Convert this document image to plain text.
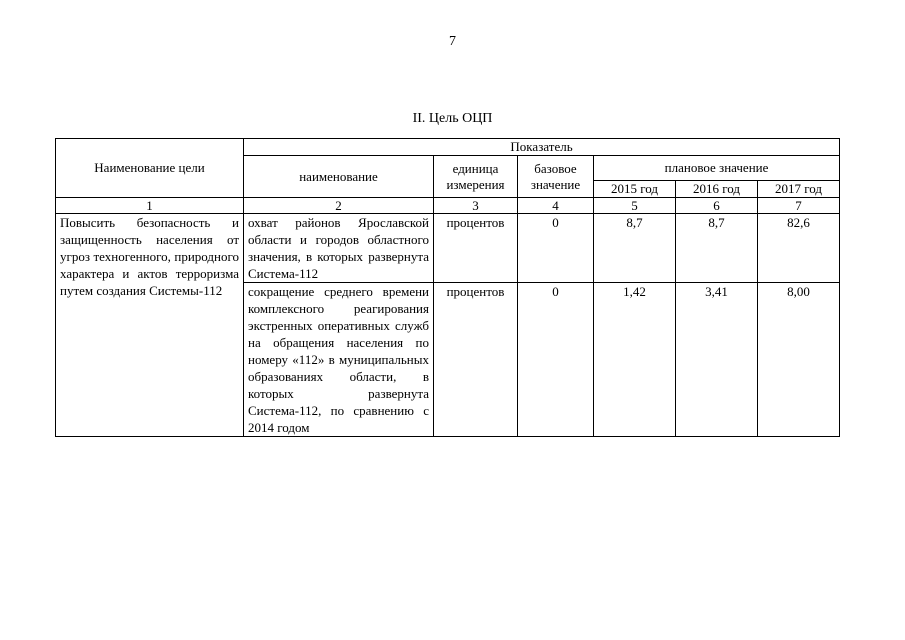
7
II. Цель ОЦП
Наименование цели	Показатель					
	наименование	единица измерения	базовое значение	плановое значение		
				2015 год	2016 год	2017 год
1	2	3	4	5	6	7
Повысить безопасность и защищенность населения от угроз техногенного, природного характера и актов терроризма путем создания Системы-112	охват районов Ярославской области и городов областного значения, в которых развернута Система-112	процентов	0	8,7	8,7	82,6
	сокращение среднего времени комплексного реагирования экстренных оперативных служб на обращения населения по номеру «112» в муниципальных образованиях области, в которых развернута Система-112, по сравнению с 2014 годом	процентов	0	1,42	3,41	8,00
